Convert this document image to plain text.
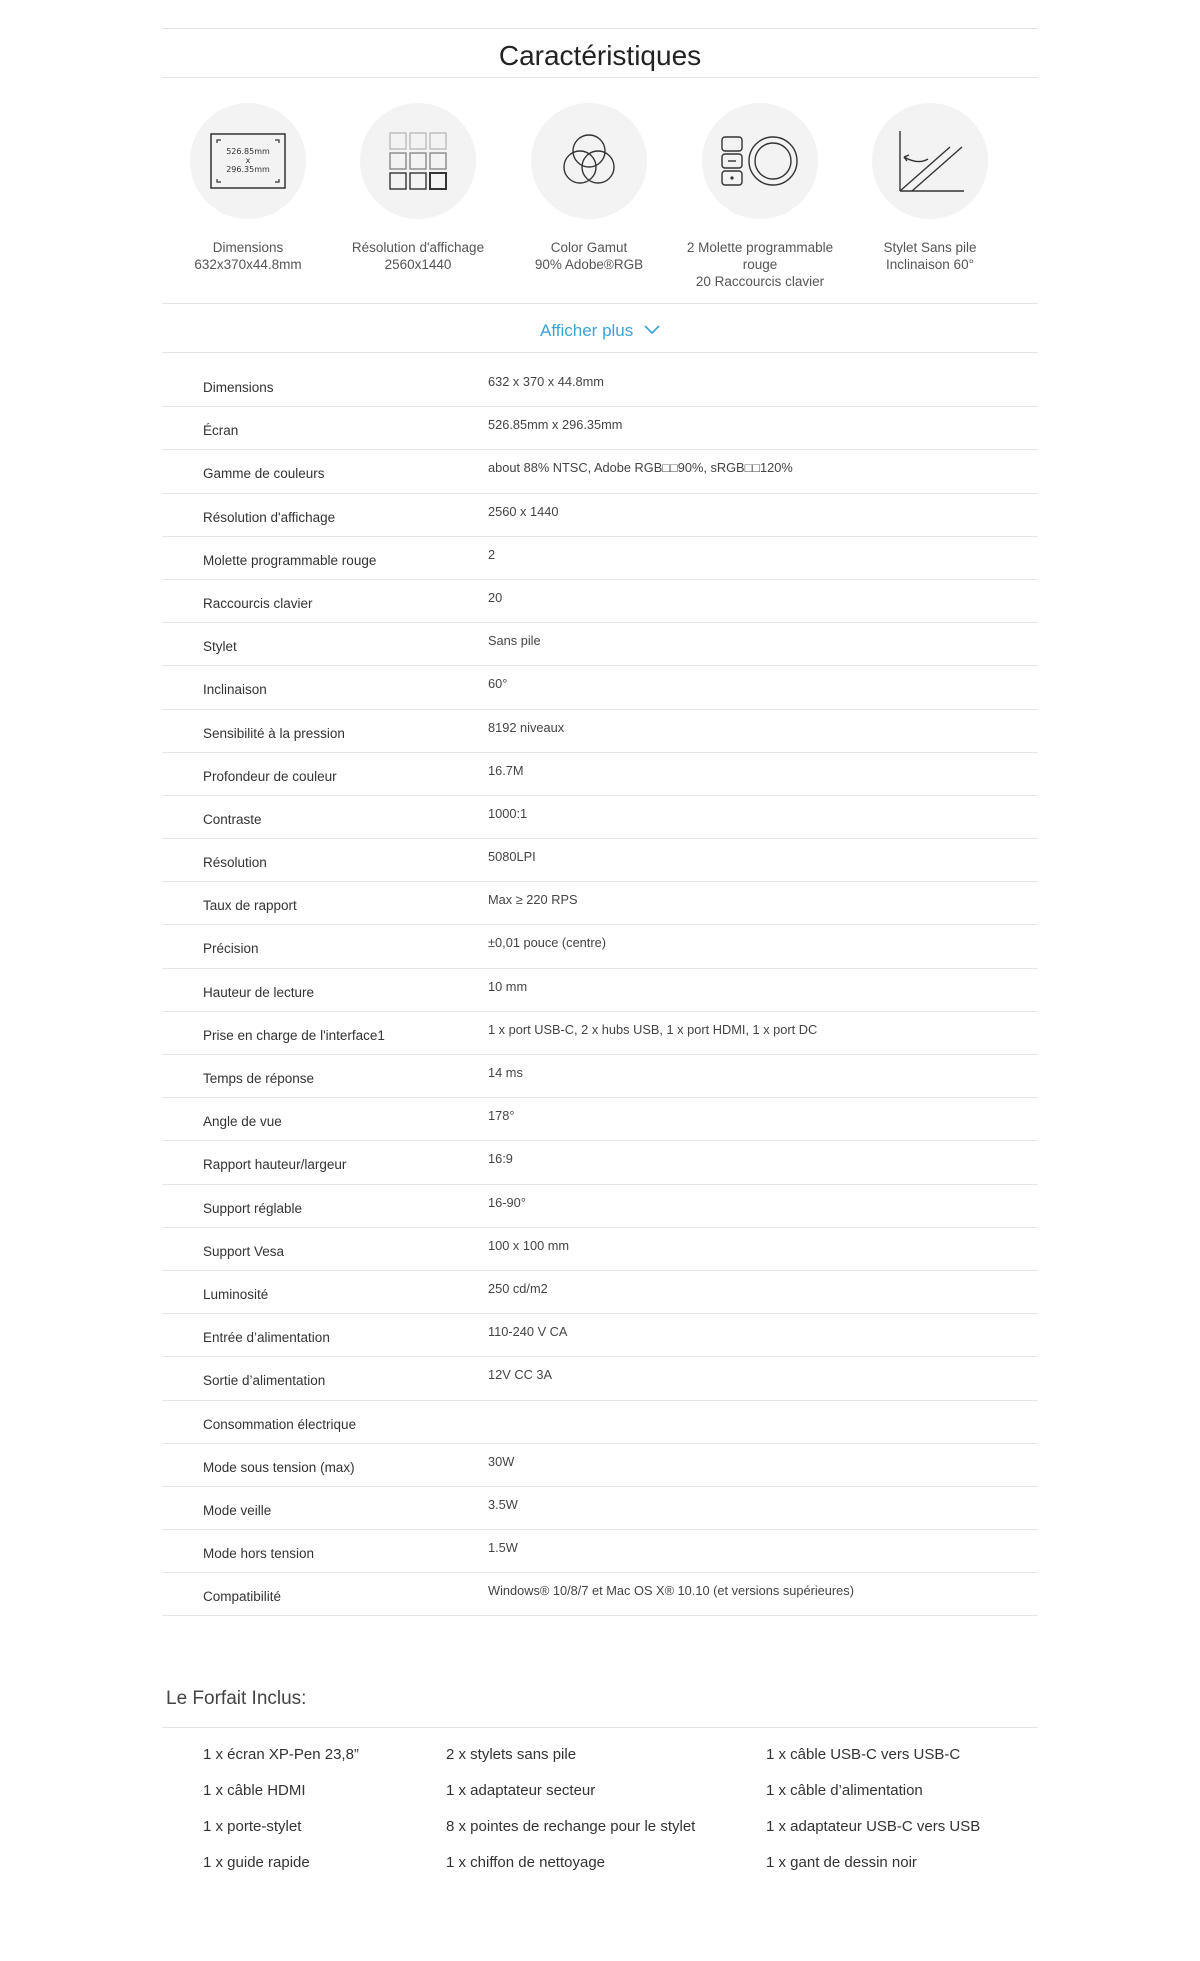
Caractéristiques
526.85mm
x
296.35mm
Dimensions
632x370x44.8mm
Résolution d'affichage
2560x1440
Color Gamut
90% Adobe®RGB
2 Molette programmable rouge
20 Raccourcis clavier
Stylet Sans pile
Inclinaison 60°
Afficher plus
Dimensions	632 x 370 x 44.8mm
Écran	526.85mm x 296.35mm
Gamme de couleurs	about 88% NTSC, Adobe RGB□□90%, sRGB□□120%
Résolution d'affichage	2560 x 1440
Molette programmable rouge	2
Raccourcis clavier	20
Stylet	Sans pile
Inclinaison	60°
Sensibilité à la pression	8192 niveaux
Profondeur de couleur	16.7M
Contraste	1000:1
Résolution	5080LPI
Taux de rapport	Max ≥ 220 RPS
Précision	±0,01 pouce (centre)
Hauteur de lecture	10 mm
Prise en charge de l'interface1	1 x port USB-C, 2 x hubs USB, 1 x port HDMI, 1 x port DC
Temps de réponse	14 ms
Angle de vue	178°
Rapport hauteur/largeur	16:9
Support réglable	16-90°
Support Vesa	100 x 100 mm
Luminosité	250 cd/m2
Entrée d’alimentation	110-240 V CA
Sortie d’alimentation	12V CC 3A
Consommation électrique
Mode sous tension (max)	30W
Mode veille	3.5W
Mode hors tension	1.5W
Compatibilité	Windows® 10/8/7 et Mac OS X® 10.10 (et versions supérieures)
Le Forfait Inclus:
1 x écran XP-Pen 23,8”	2 x stylets sans pile	1 x câble USB-C vers USB-C
1 x câble HDMI	1 x adaptateur secteur	1 x câble d’alimentation
1 x porte-stylet	8 x pointes de rechange pour le stylet	1 x adaptateur USB-C vers USB
1 x guide rapide	1 x chiffon de nettoyage	1 x gant de dessin noir
